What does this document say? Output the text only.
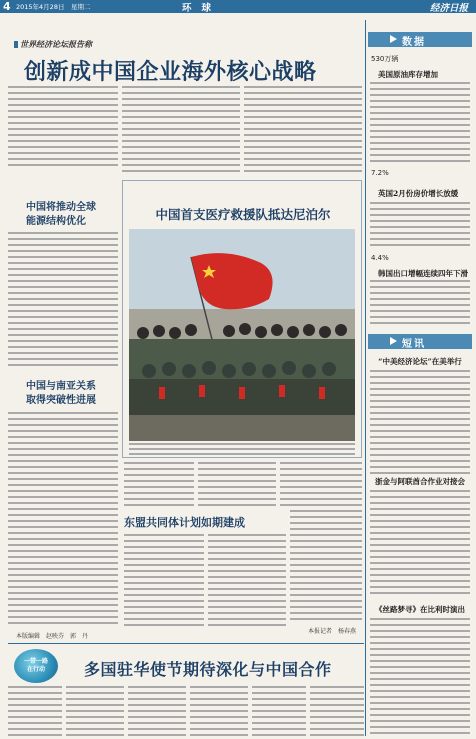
4 2015年4月28日　星期二	环球	经济日报
世界经济论坛报告称
创新成中国企业海外核心战略
中国将推动全球
能源结构优化
中国与南亚关系
取得突破性进展
中国首支医疗救援队抵达尼泊尔
东盟共同体计划如期建成
本报记者　杨春燕
本版编辑　赵映芬　郭　丹
一带一路
在行动	多国驻华使节期待深化与中国合作
数据
530万辆
美国原油库存增加
7.2%
英国2月份房价增长放缓
4.4%
韩国出口增幅连续四年下滑
短讯
“中美经济论坛”在美举行
浙金与阿联酋合作业对接会
《丝路梦寻》在比利时演出
